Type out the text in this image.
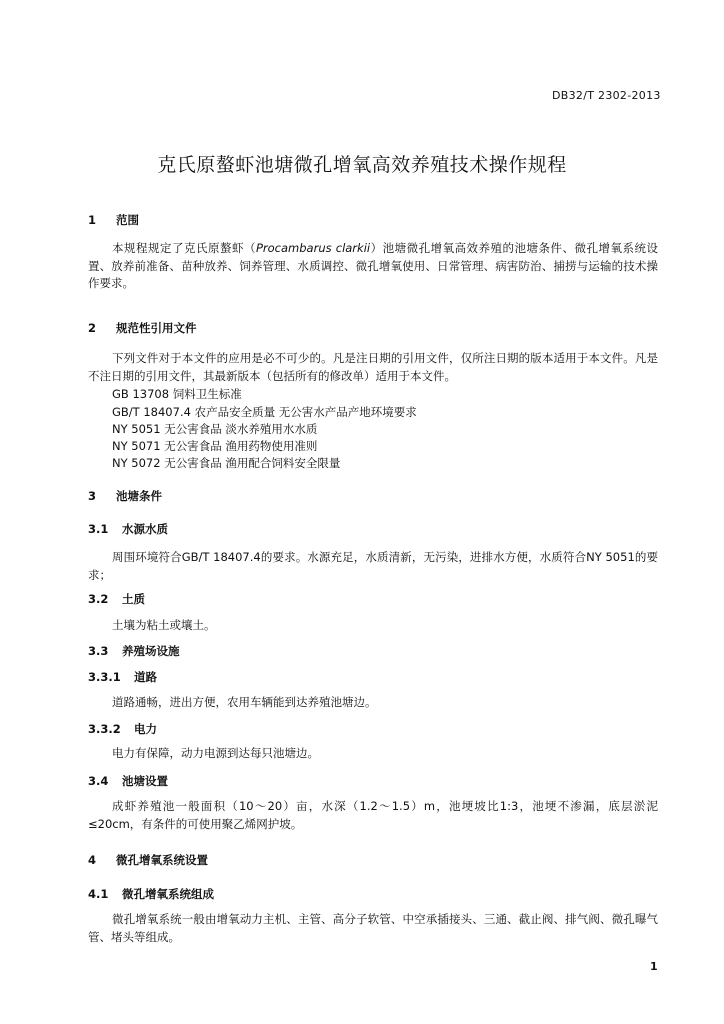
DB32/T 2302-2013
克氏原螯虾池塘微孔增氧高效养殖技术操作规程
1 范围
本规程规定了克氏原螯虾（Procambarus clarkii）池塘微孔增氧高效养殖的池塘条件、微孔增氧系统设置、放养前准备、苗种放养、饲养管理、水质调控、微孔增氧使用、日常管理、病害防治、捕捞与运输的技术操作要求。
2 规范性引用文件
下列文件对于本文件的应用是必不可少的。凡是注日期的引用文件，仅所注日期的版本适用于本文件。凡是不注日期的引用文件，其最新版本（包括所有的修改单）适用于本文件。
GB 13708 饲料卫生标准
GB/T 18407.4 农产品安全质量 无公害水产品产地环境要求
NY 5051 无公害食品 淡水养殖用水水质
NY 5071 无公害食品 渔用药物使用准则
NY 5072 无公害食品 渔用配合饲料安全限量
3 池塘条件
3.1 水源水质
周围环境符合GB/T 18407.4的要求。水源充足，水质清新，无污染，进排水方便，水质符合NY 5051的要求；
3.2 土质
土壤为粘土或壤土。
3.3 养殖场设施
3.3.1 道路
道路通畅，进出方便，农用车辆能到达养殖池塘边。
3.3.2 电力
电力有保障，动力电源到达每只池塘边。
3.4 池塘设置
成虾养殖池一般面积（10～20）亩，水深（1.2～1.5）m，池埂坡比1:3，池埂不渗漏，底层淤泥≤20cm，有条件的可使用聚乙烯网护坡。
4 微孔增氧系统设置
4.1 微孔增氧系统组成
微孔增氧系统一般由增氧动力主机、主管、高分子软管、中空承插接头、三通、截止阀、排气阀、微孔曝气管、堵头等组成。
1
